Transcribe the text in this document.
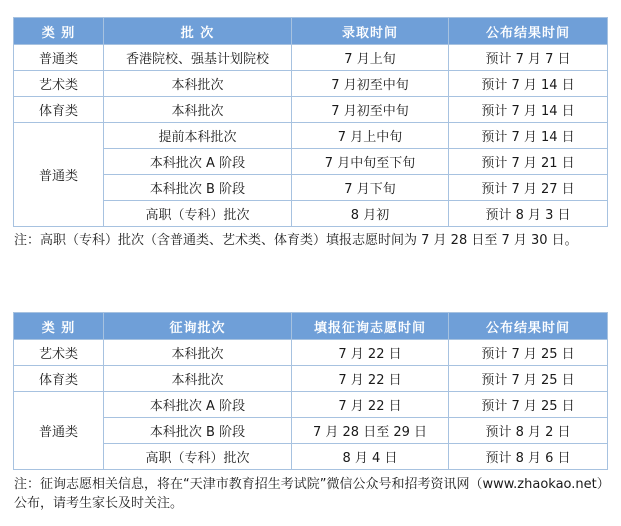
类 别	批 次	录取时间	公布结果时间
普通类	香港院校、强基计划院校	7 月上旬	预计 7 月 7 日
艺术类	本科批次	7 月初至中旬	预计 7 月 14 日
体育类	本科批次	7 月初至中旬	预计 7 月 14 日
普通类	提前本科批次	7 月上中旬	预计 7 月 14 日
	本科批次 A 阶段	7 月中旬至下旬	预计 7 月 21 日
	本科批次 B 阶段	7 月下旬	预计 7 月 27 日
	高职（专科）批次	8 月初	预计 8 月 3 日

注：高职（专科）批次（含普通类、艺术类、体育类）填报志愿时间为 7 月 28 日至 7 月 30 日。

类 别	征询批次	填报征询志愿时间	公布结果时间
艺术类	本科批次	7 月 22 日	预计 7 月 25 日
体育类	本科批次	7 月 22 日	预计 7 月 25 日
普通类	本科批次 A 阶段	7 月 22 日	预计 7 月 25 日
	本科批次 B 阶段	7 月 28 日至 29 日	预计 8 月 2 日
	高职（专科）批次	8 月 4 日	预计 8 月 6 日

注：征询志愿相关信息，将在“天津市教育招生考试院”微信公众号和招考资讯网（www.zhaokao.net）公布，请考生家长及时关注。
